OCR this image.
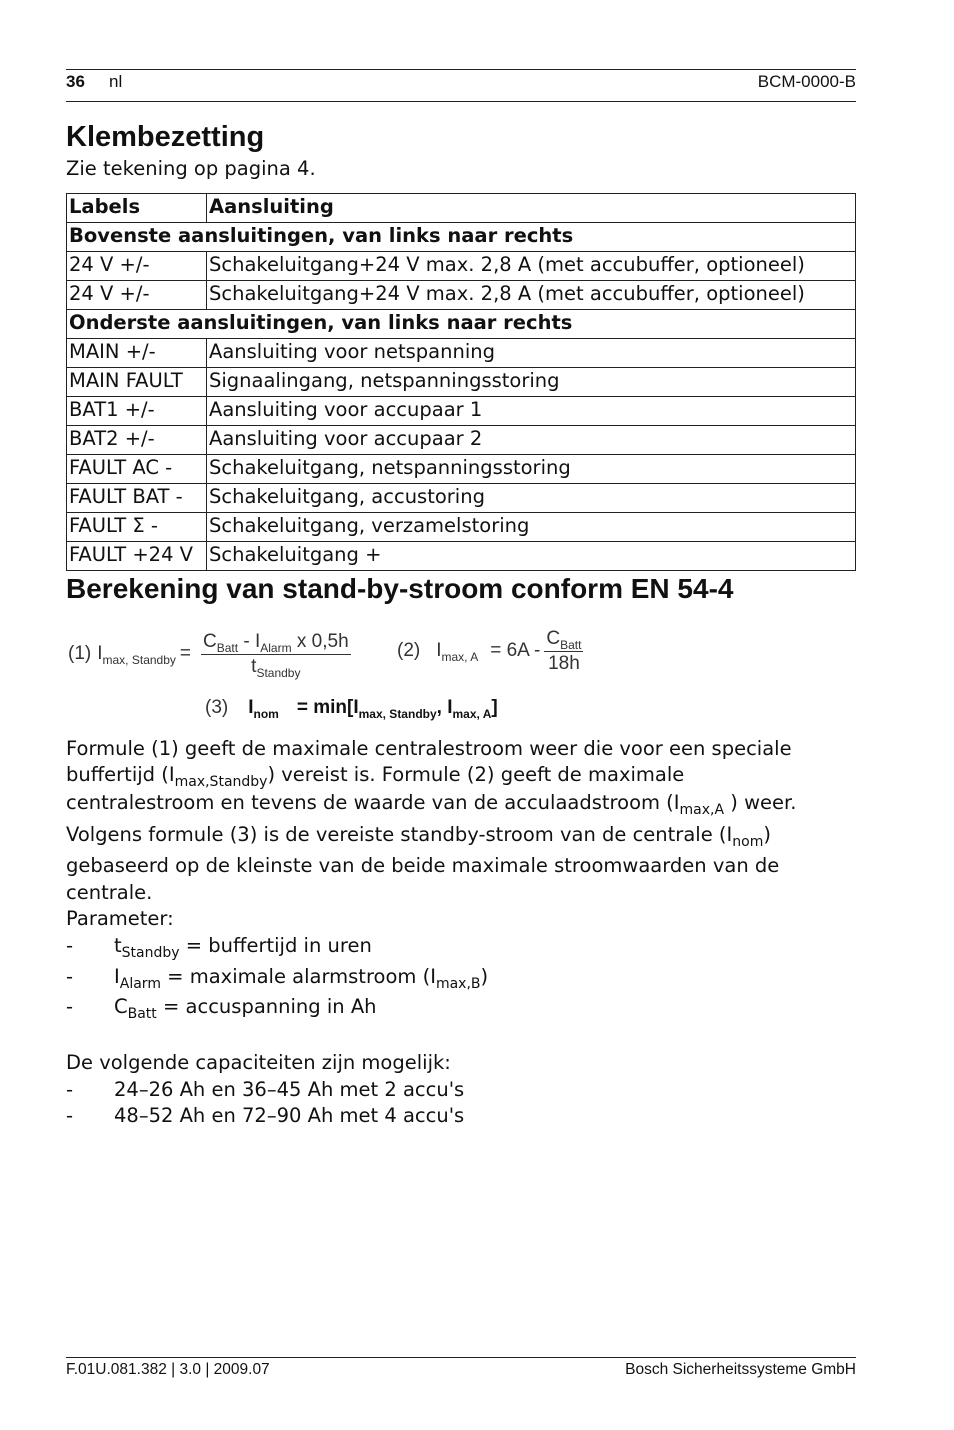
36 nl	BCM-0000-B
Klembezetting
Zie tekening op pagina 4.
Labels	Aansluiting
Bovenste aansluitingen, van links naar rechts	
24 V +/-	Schakeluitgang+24 V max. 2,8 A (met accubuffer, optioneel)
24 V +/-	Schakeluitgang+24 V max. 2,8 A (met accubuffer, optioneel)
Onderste aansluitingen, van links naar rechts	
MAIN +/-	Aansluiting voor netspanning
MAIN FAULT	Signaalingang, netspanningsstoring
BAT1 +/-	Aansluiting voor accupaar 1
BAT2 +/-	Aansluiting voor accupaar 2
FAULT AC -	Schakeluitgang, netspanningsstoring
FAULT BAT -	Schakeluitgang, accustoring
FAULT Σ -	Schakeluitgang, verzamelstoring
FAULT +24 V	Schakeluitgang +
Berekening van stand-by-stroom conform EN 54-4
(1) $I_{max, Standby} = \frac{C_{Batt} - I_{Alarm} x 0,5h}{t_{Standby}} (2) I_{max, A} = 6A - \frac{C_{Batt}}{18h}$
(3) $I_{nom} = \min[I_{max, Standby}$, $I_{max, A}$]
Formule (1) geeft de maximale centralestroom weer die voor een speciale
buffertijd $(I_{max,Standby})$ vereist is. Formule (2) geeft de maximale
centralestroom en tevens de waarde van de acculaadstroom ($I_{max,A}$ ) weer.
Volgens formule (3) is de vereiste standby-stroom van de centrale $(I_{nom})$
gebaseerd op de kleinste van de beide maximale stroomwaarden van de
centrale.
Parameter:
- $t_{Standby}$ = buffertijd in uren
- $I_{Alarm}$ = maximale alarmstroom $(I_{max,B})$
- $C_{Batt}$ = accuspanning in Ah
De volgende capaciteiten zijn mogelijk:
- 24–26 Ah en 36–45 Ah met 2 accu's
- 48–52 Ah en 72–90 Ah met 4 accu's
F.01U.081.382 | 3.0 | 2009.07	Bosch Sicherheitssysteme GmbH
